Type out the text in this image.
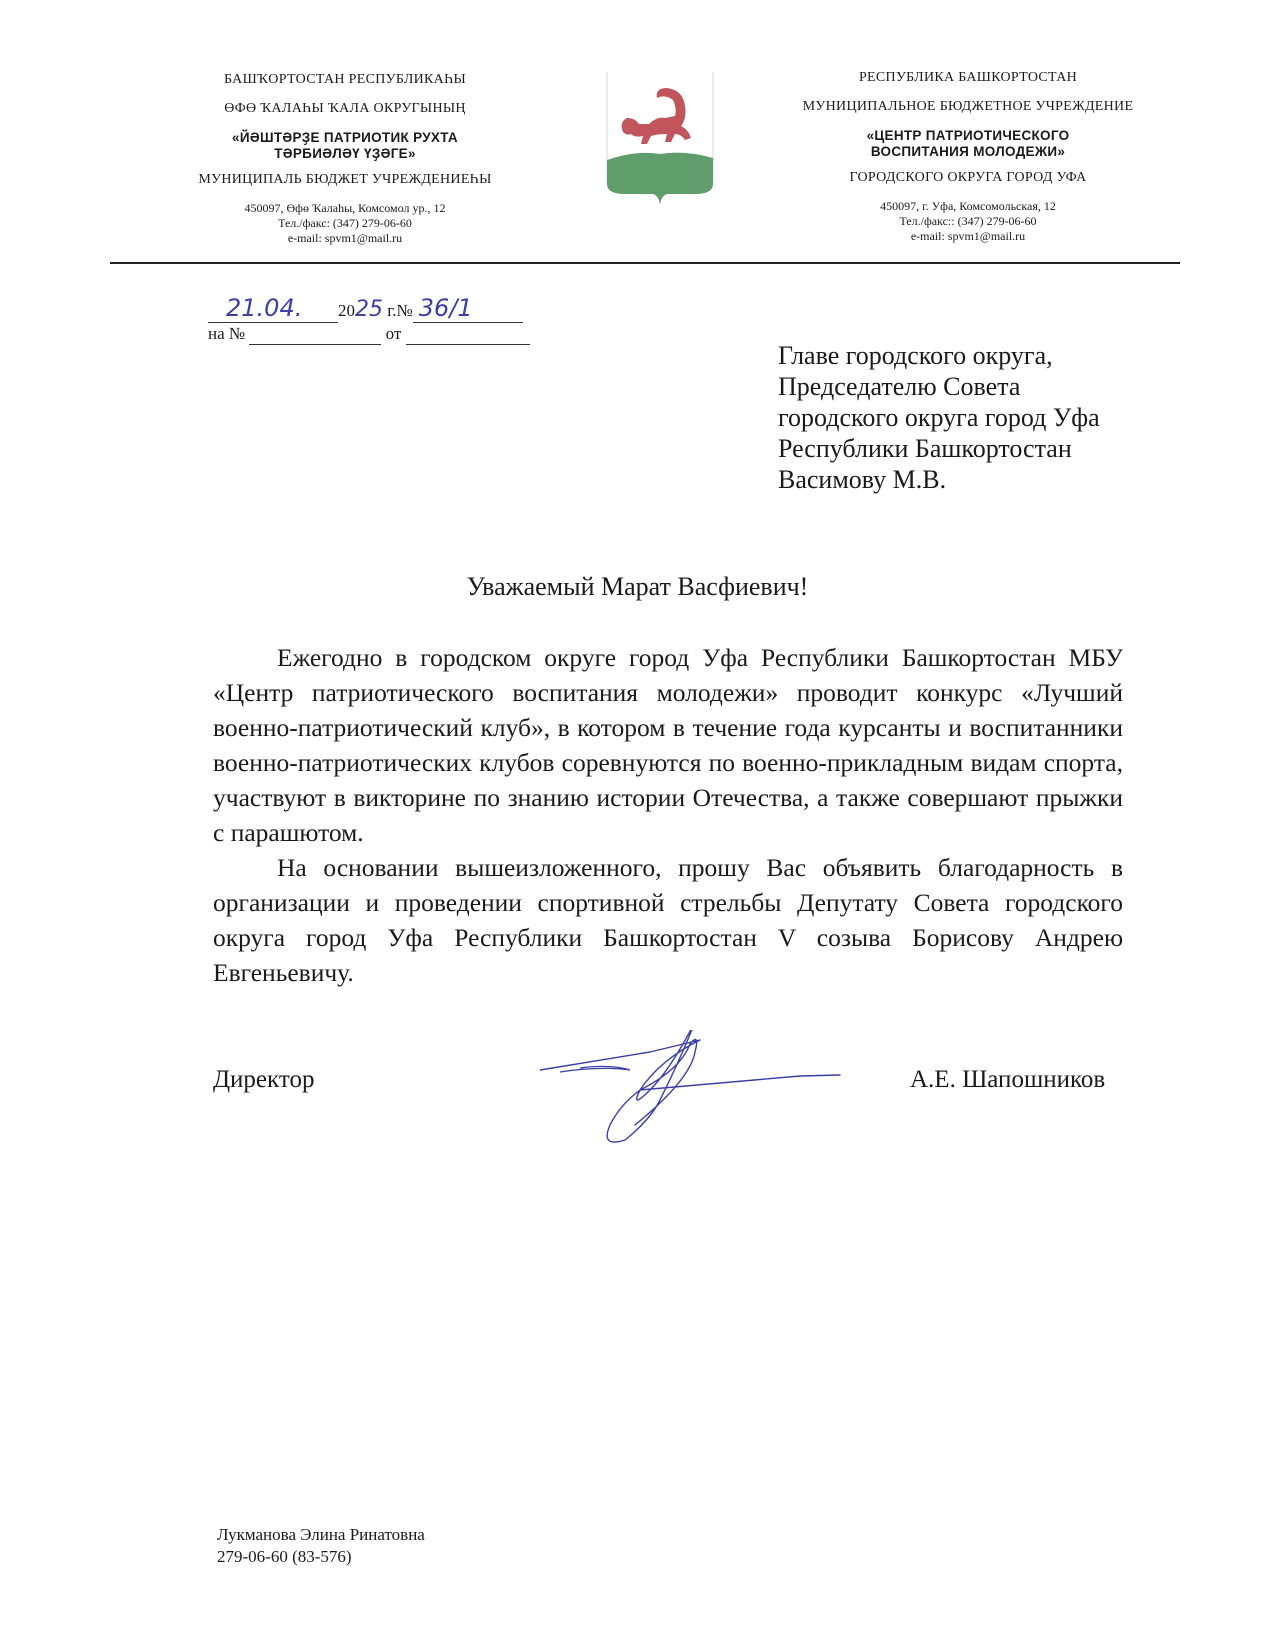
БАШҠОРТОСТАН РЕСПУБЛИКАҺЫ
ӨФӨ ҠАЛАҺЫ ҠАЛА ОКРУГЫНЫҢ
«ЙӘШТӘРҘЕ ПАТРИОТИК РУХТА
ТӘРБИӘЛӘҮ ҮҘӘГЕ»
МУНИЦИПАЛЬ БЮДЖЕТ УЧРЕЖДЕНИЕҺЫ
450097, Өфө Ҡалаһы, Комсомол ур., 12
Тел./факс: (347) 279-06-60
e-mail: spvm1@mail.ru
РЕСПУБЛИКА БАШКОРТОСТАН
МУНИЦИПАЛЬНОЕ БЮДЖЕТНОЕ УЧРЕЖДЕНИЕ
«ЦЕНТР ПАТРИОТИЧЕСКОГО
ВОСПИТАНИЯ МОЛОДЕЖИ»
ГОРОДСКОГО ОКРУГА ГОРОД УФА
450097, г. Уфа, Комсомольская, 12
Тел./факс:: (347) 279-06-60
e-mail: spvm1@mail.ru
21.04. 2025 г.№ 36/1
на №	от
Главе городского округа,
Председателю Совета
городского округа город Уфа
Республики Башкортостан
Васимову М.В.
Уважаемый Марат Васфиевич!

Ежегодно в городском округе город Уфа Республики Башкортостан МБУ «Центр патриотического воспитания молодежи» проводит конкурс «Лучший военно-патриотический клуб», в котором в течение года курсанты и воспитанники военно-патриотических клубов соревнуются по военно-прикладным видам спорта, участвуют в викторине по знанию истории Отечества, а также совершают прыжки с парашютом.

На основании вышеизложенного, прошу Вас объявить благодарность в организации и проведении спортивной стрельбы Депутату Совета городского округа город Уфа Республики Башкортостан V созыва Борисову Андрею Евгеньевичу.

Директор	А.Е. Шапошников
Лукманова Элина Ринатовна
279-06-60 (83-576)
